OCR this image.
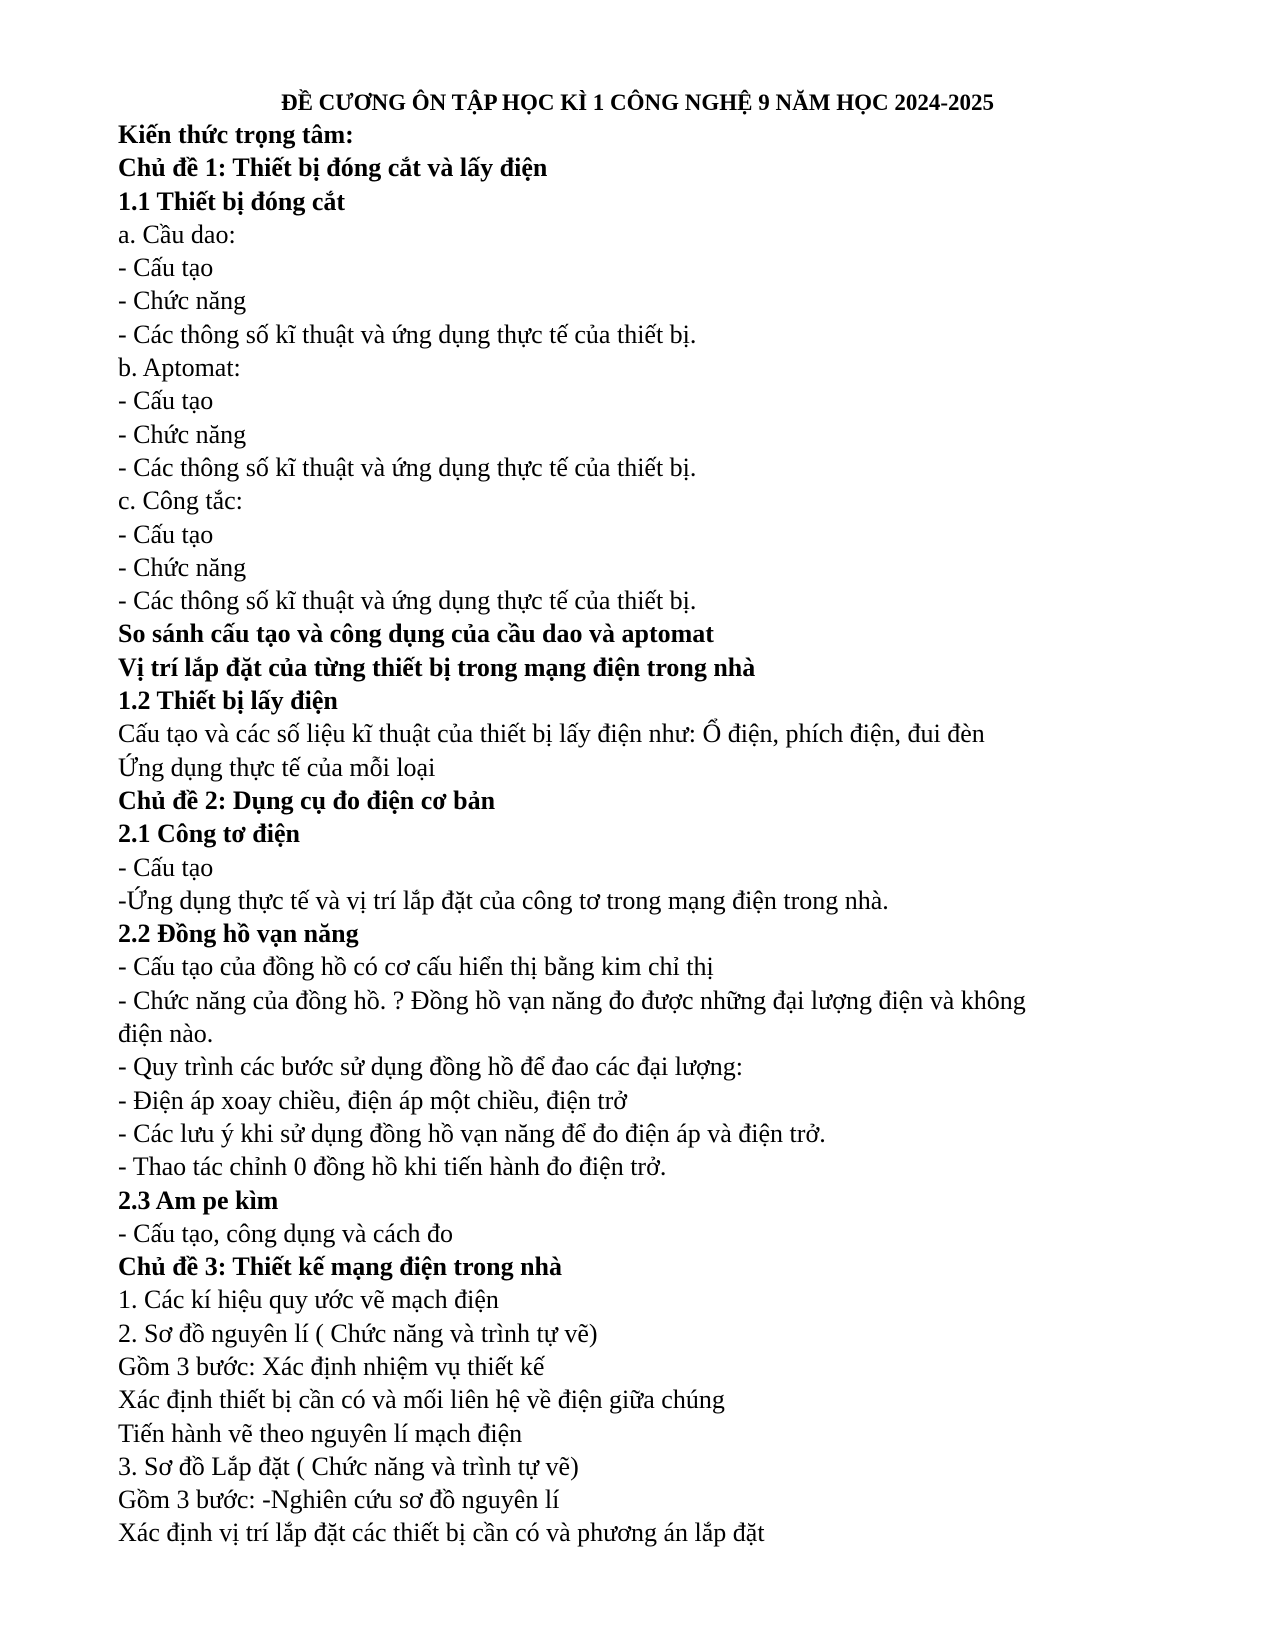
ĐỀ CƯƠNG ÔN TẬP HỌC KÌ 1 CÔNG NGHỆ 9 NĂM HỌC 2024-2025
Kiến thức trọng tâm:
Chủ đề 1: Thiết bị đóng cắt và lấy điện
1.1 Thiết bị đóng cắt
a. Cầu dao:
- Cấu tạo
- Chức năng
- Các thông số kĩ thuật và ứng dụng thực tế của thiết bị.
b. Aptomat:
- Cấu tạo
- Chức năng
- Các thông số kĩ thuật và ứng dụng thực tế của thiết bị.
c. Công tắc:
- Cấu tạo
- Chức năng
- Các thông số kĩ thuật và ứng dụng thực tế của thiết bị.
So sánh cấu tạo và công dụng của cầu dao và aptomat
Vị trí lắp đặt của từng thiết bị trong mạng điện trong nhà
1.2 Thiết bị lấy điện
Cấu tạo và các số liệu kĩ thuật của thiết bị lấy điện như: Ổ điện, phích điện, đui đèn
Ứng dụng thực tế của mỗi loại
Chủ đề 2: Dụng cụ đo điện cơ bản
2.1 Công tơ điện
- Cấu tạo
-Ứng dụng thực tế và vị trí lắp đặt của công tơ trong mạng điện trong nhà.
2.2 Đồng hồ vạn năng
- Cấu tạo của đồng hồ có cơ cấu hiển thị bằng kim chỉ thị
- Chức năng của đồng hồ. ? Đồng hồ vạn năng đo được những đại lượng điện và không
điện nào.
- Quy trình các bước sử dụng đồng hồ để đao các đại lượng:
- Điện áp xoay chiều, điện áp một chiều, điện trở
- Các lưu ý khi sử dụng đồng hồ vạn năng để đo điện áp và điện trở.
- Thao tác chỉnh 0 đồng hồ khi tiến hành đo điện trở.
2.3 Am pe kìm
- Cấu tạo, công dụng và cách đo
Chủ đề 3: Thiết kế mạng điện trong nhà
1. Các kí hiệu quy ước vẽ mạch điện
2. Sơ đồ nguyên lí ( Chức năng và trình tự vẽ)
Gồm 3 bước: Xác định nhiệm vụ thiết kế
Xác định thiết bị cần có và mối liên hệ về điện giữa chúng
Tiến hành vẽ theo nguyên lí mạch điện
3. Sơ đồ Lắp đặt ( Chức năng và trình tự vẽ)
Gồm 3 bước: -Nghiên cứu sơ đồ nguyên lí
Xác định vị trí lắp đặt các thiết bị cần có và phương án lắp đặt
